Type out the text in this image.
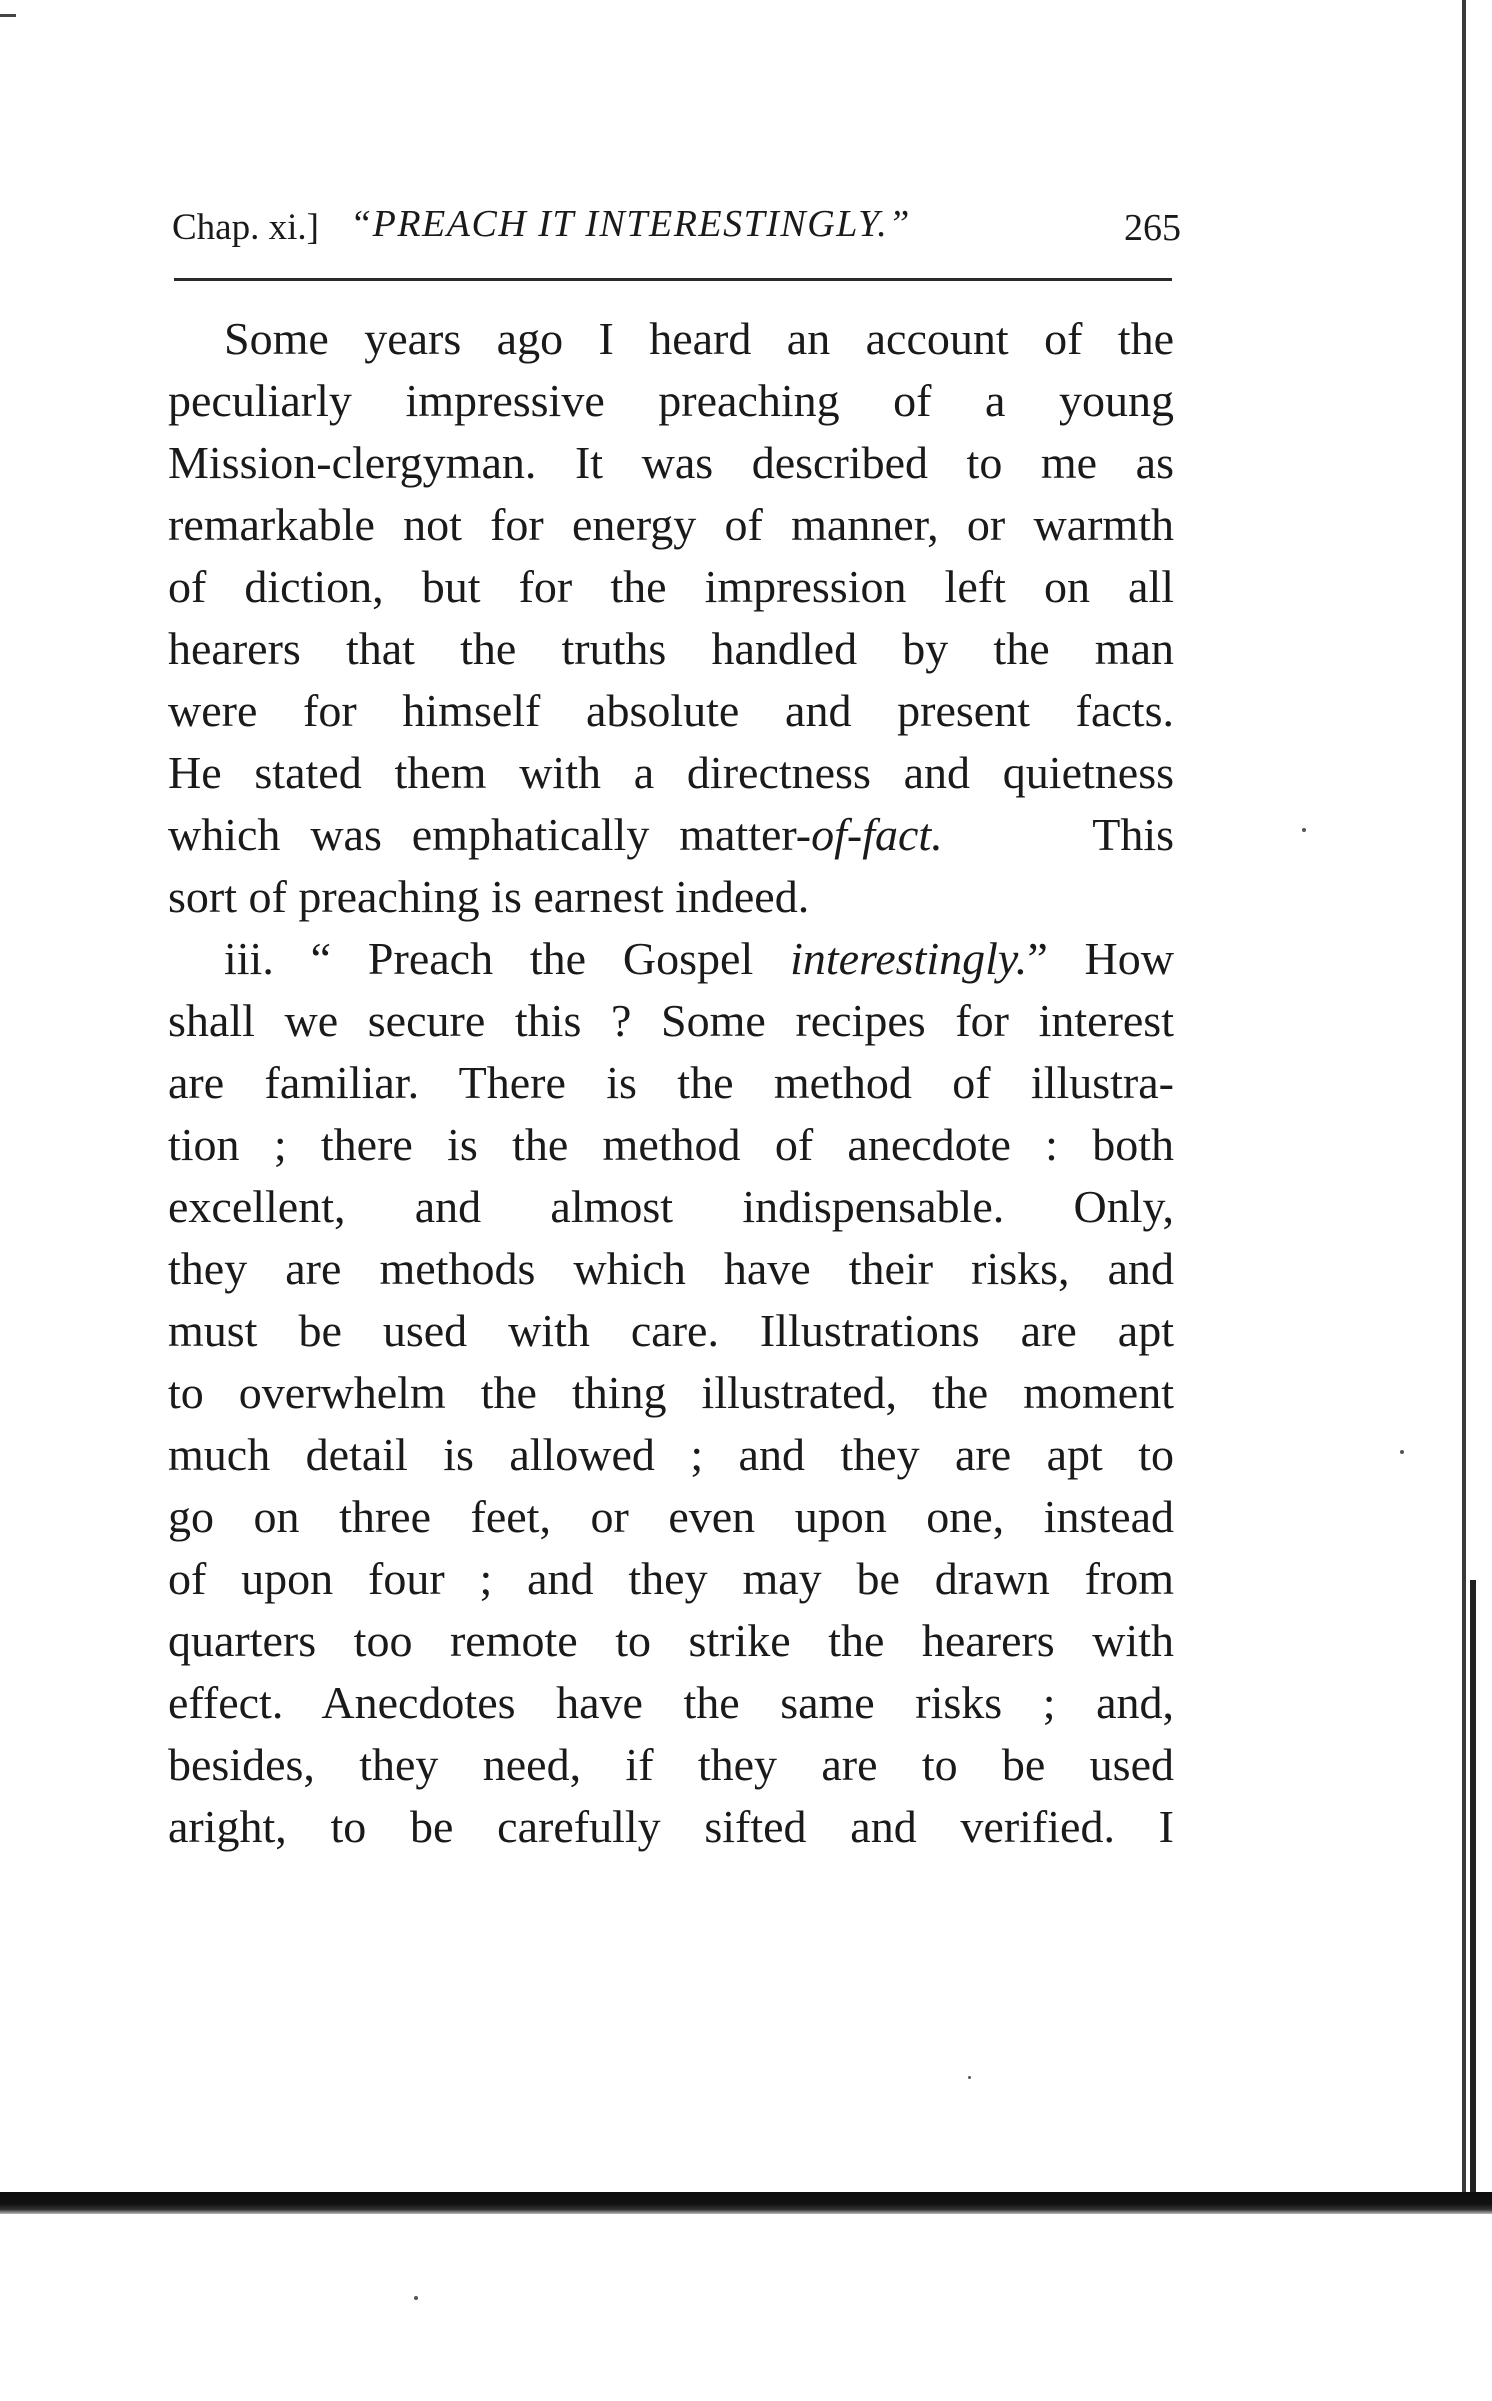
Chap. xi.] “PREACH IT INTERESTINGLY.”	265
Some years ago I heard an account of the
peculiarly impressive preaching of a young
Mission-clergyman. It was described to me as
remarkable not for energy of manner, or warmth
of diction, but for the impression left on all
hearers that the truths handled by the man
were for himself absolute and present facts.
He stated them with a directness and quietness
which was emphatically matter-of-fact.	This
sort of preaching is earnest indeed.
iii. “ Preach the Gospel interestingly.” How
shall we secure this ? Some recipes for interest
are familiar. There is the method of illustra-
tion ; there is the method of anecdote : both
excellent, and almost indispensable. Only,
they are methods which have their risks, and
must be used with care. Illustrations are apt
to overwhelm the thing illustrated, the moment
much detail is allowed ; and they are apt to
go on three feet, or even upon one, instead
of upon four ; and they may be drawn from
quarters too remote to strike the hearers with
effect. Anecdotes have the same risks ; and,
besides, they need, if they are to be used
aright, to be carefully sifted and verified. I
